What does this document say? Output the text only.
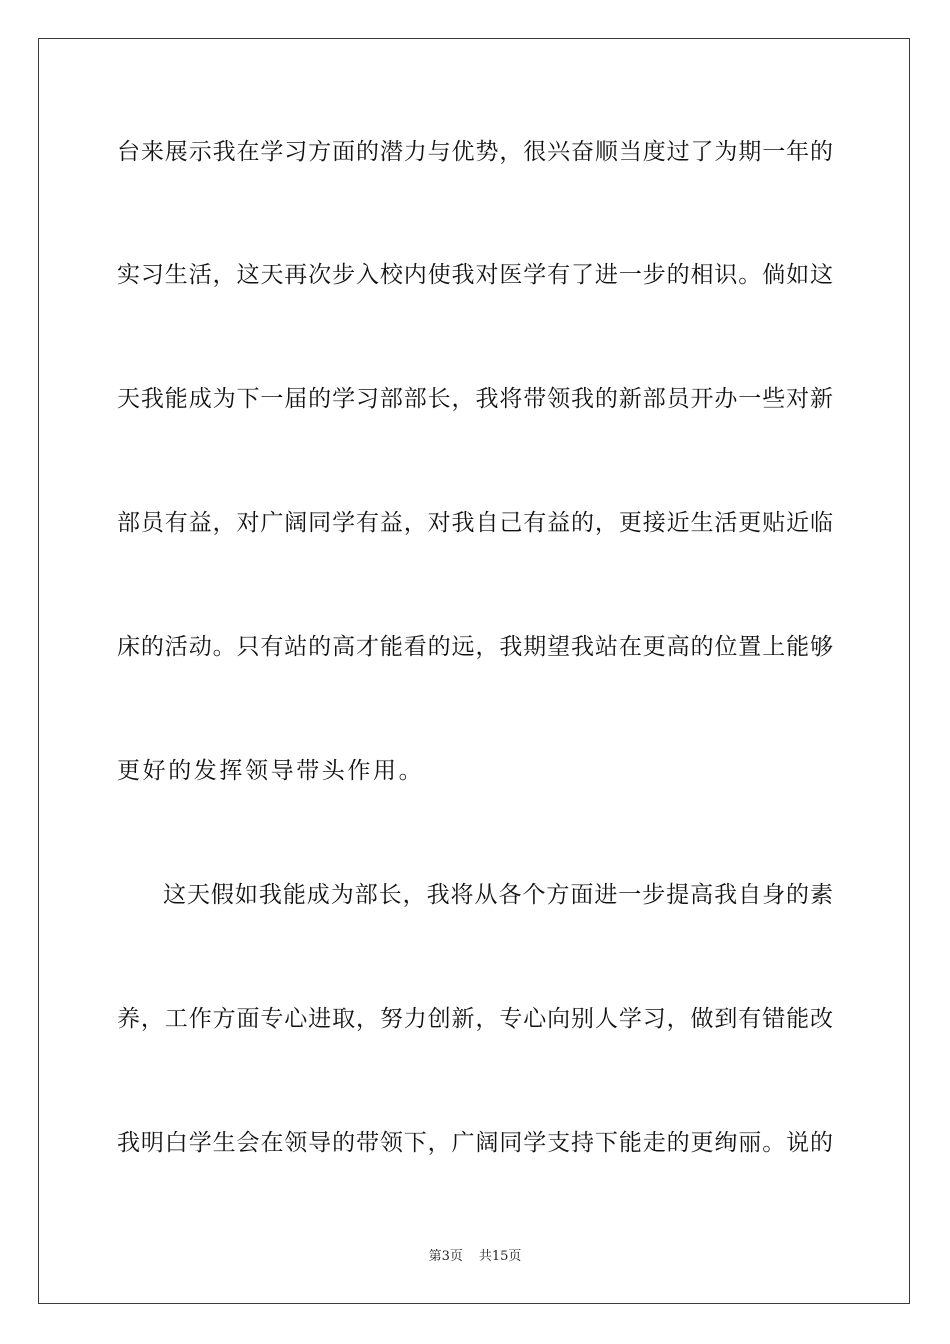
台来展示我在学习方面的潜力与优势，很兴奋顺当度过了为期一年的
实习生活，这天再次步入校内使我对医学有了进一步的相识。倘如这
天我能成为下一届的学习部部长，我将带领我的新部员开办一些对新
部员有益，对广阔同学有益，对我自己有益的，更接近生活更贴近临
床的活动。只有站的高才能看的远，我期望我站在更高的位置上能够
更好的发挥领导带头作用。
这天假如我能成为部长，我将从各个方面进一步提高我自身的素
养，工作方面专心进取，努力创新，专心向别人学习，做到有错能改
我明白学生会在领导的带领下，广阔同学支持下能走的更绚丽。说的
第3页 共15页
